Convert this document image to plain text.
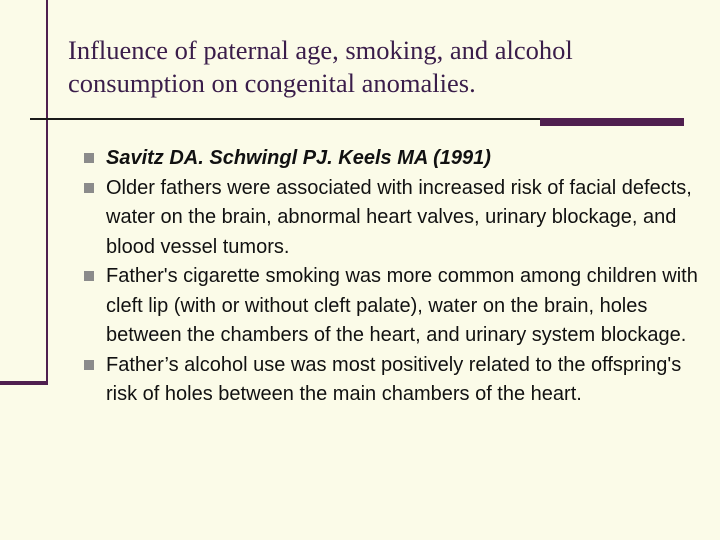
Influence of paternal age, smoking, and alcohol consumption on congenital anomalies.
Savitz DA. Schwingl PJ. Keels MA (1991)
Older fathers were associated with increased risk of facial defects, water on the brain, abnormal heart valves, urinary blockage, and blood vessel tumors.
Father's cigarette smoking was more common among children with cleft lip (with or without cleft palate), water on the brain, holes between the chambers of the heart, and urinary system blockage.
Father’s alcohol use was most positively related to the offspring's risk of holes between the main chambers of the heart.
